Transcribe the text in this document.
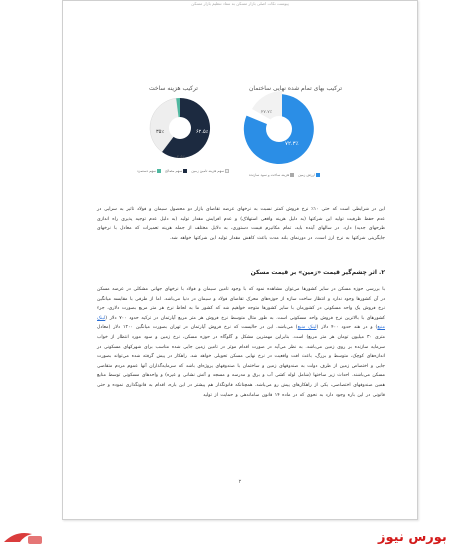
پیوست نکات اصلی بازار مسکن به ستاد تنظیم بازار مسکن
ترکیب هزینه ساخت
۳۵٪	۶۲.۵٪
۲.۵٪
سهم هزینه تامین زمین
سهم مصالح
سهم دستمزد
ترکیب بهای تمام شده نهایی ساختمان
۷۲.۳٪
۲۷.۷٪
ارزش زمین
هزینه ساخت و سود سازنده
این در شرایطی است که حتی ۱۰٪ نرخ فروش کمتر نسبت به نرخهای عرضه تقاضای بازار دو محصول سیمان و فولاد تاثیر به سزایی در عدم حفظ ظرفیت تولید این شرکتها (به دلیل هزینه واقعی استهلاک) و عدم افزایش مقدار تولید (به دلیل عدم توجیه پذیری راه اندازی طرحهای جدید) دارد. در سالهای آینده باید، تمام مکانیزم قیمت دستوری، به دلایل مختلف از جمله هزینه تعمیرات که معادل با نرخهای جایگزینی شرکتها به نرخ ارز است، در دورنمای بلند مدت باعث کاهش مقدار تولید این شرکتها خواهد شد.
۲. اثر چشم‌گیر قیمت «زمین» بر قیمت مسکن
با بررسی حوزه مسکن در سایر کشورها می‌توان مشاهده نمود که با وجود تامین سیمان و فولاد با نرخهای جهانی مشکلی در عرضه مسکن در آن کشورها وجود ندارد و انتظار ساخت سازه از حوزه‌های محرک تقاضای فولاد و سیمان در دنیا می‌باشد. اما از طرفی با مقایسه میانگین نرخ فروش یک واحد مسکونی در کشورمان با سایر کشورها متوجه خواهیم شد که کشور ما به لحاظ نرخ هر متر مربع بصورت دلاری، جزء کشورهای با بالاترین نرخ فروش واحد مسکونی است. به طور مثال متوسط نرخ فروش هر متر مربع آپارتمان در ترکیه حدود ۷۰۰ دلار (لینک منبع) و در هند حدود ۴۰۰ دلار (لینک منبع) می‌باشد. این در حالیست که نرخ فروش آپارتمان در تهران بصورت میانگین ۱۲۰۰ دلار (معادل متری ۳۰ میلیون تومان هر متر مربع) است. بنابراین مهمترین مشکل و گلوگاه در حوزه مسکن، نرخ زمین و سود مورد انتظار از خواب سرمایه سازنده بر روی زمین می‌باشد. به نظر می‌آید در صورت اقدام موثر در تامین زمین جایی شده مناسب برای شهرکهای مسکونی در اندازه‌های کوچک، متوسط و بزرگ، باعث افت واقعیت در نرخ نهایی مسکن تحویلی خواهد شد. راهکار در پیش گرفته شده می‌تواند بصورت جایی و اختصاص زمین از طرف دولت به صندوقهای زمین و ساختمان با صندوقهای پروژه‌ای باشد که سرمایه‌گذاران آنها عموم مردم متقاضی مسکن می‌باشند. احداث زیر ساختها (شامل لوله کشی آب و برق و مدرسه و مسجد و آتش نشانی و غیره) و واحدهای مسکونی توسط منابع همین صندوقهای اختصاصی، یکی از راهکارهای پیش رو می‌باشد. همچنانکه قانونگذار هم پیشتر در این باره، اقدام به قانونگذاری نموده و حتی قانونی در این باره وجود دارد به نحوی که در ماده ۱۴ قانون ساماندهی و حمایت از تولید
۲
بورس نیوز
